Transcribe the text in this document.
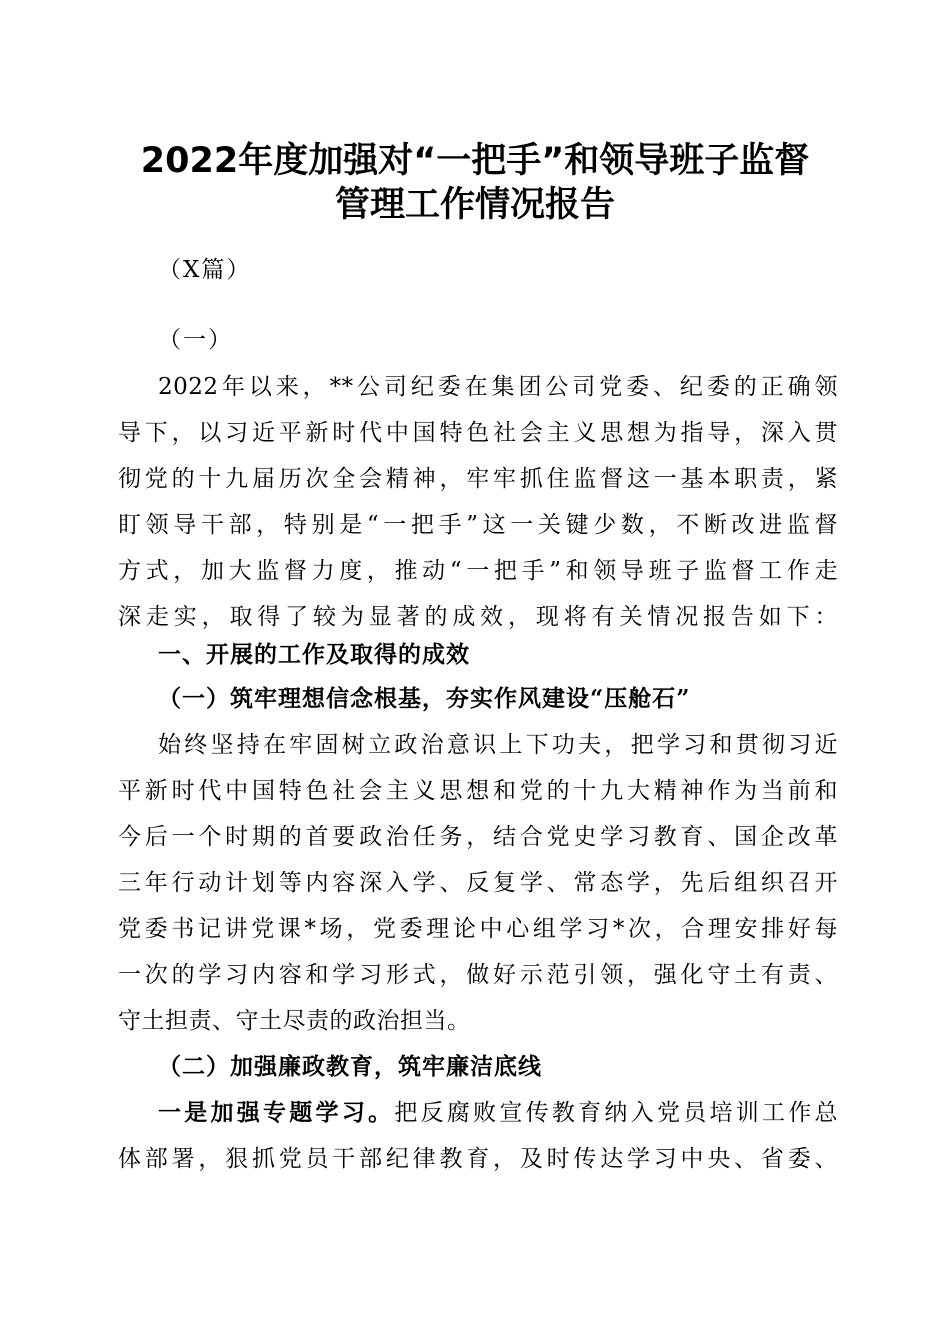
2022年度加强对“一把手”和领导班子监督
管理工作情况报告

（X篇）

（一）

2022年以来，**公司纪委在集团公司党委、纪委的正确领

导下，以习近平新时代中国特色社会主义思想为指导，深入贯

彻党的十九届历次全会精神，牢牢抓住监督这一基本职责，紧

盯领导干部，特别是“一把手”这一关键少数，不断改进监督

方式，加大监督力度，推动“一把手”和领导班子监督工作走

深走实，取得了较为显著的成效，现将有关情况报告如下：

一、开展的工作及取得的成效
（一）筑牢理想信念根基，夯实作风建设“压舱石”

始终坚持在牢固树立政治意识上下功夫，把学习和贯彻习近

平新时代中国特色社会主义思想和党的十九大精神作为当前和

今后一个时期的首要政治任务，结合党史学习教育、国企改革

三年行动计划等内容深入学、反复学、常态学，先后组织召开

党委书记讲党课*场，党委理论中心组学习*次，合理安排好每

一次的学习内容和学习形式，做好示范引领，强化守土有责、

守土担责、守土尽责的政治担当。

（二）加强廉政教育，筑牢廉洁底线

一是加强专题学习。把反腐败宣传教育纳入党员培训工作总

体部署，狠抓党员干部纪律教育，及时传达学习中央、省委、
